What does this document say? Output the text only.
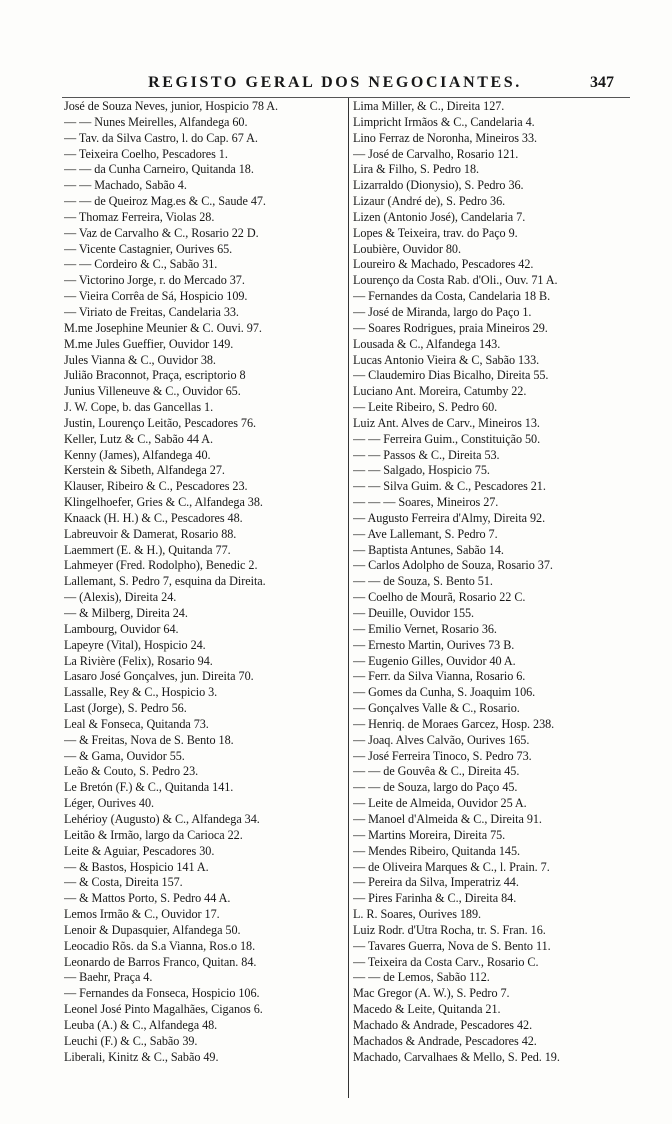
REGISTO GERAL DOS NEGOCIANTES.	347
José de Souza Neves, junior, Hospicio 78 A.
— — Nunes Meirelles, Alfandega 60.
— Tav. da Silva Castro, l. do Cap. 67 A.
— Teixeira Coelho, Pescadores 1.
— — da Cunha Carneiro, Quitanda 18.
— — Machado, Sabão 4.
— — de Queiroz Mag.es & C., Saude 47.
— Thomaz Ferreira, Violas 28.
— Vaz de Carvalho & C., Rosario 22 D.
— Vicente Castagnier, Ourives 65.
— — Cordeiro & C., Sabão 31.
— Victorino Jorge, r. do Mercado 37.
— Vieira Corrêa de Sá, Hospicio 109.
— Viriato de Freitas, Candelaria 33.
M.me Josephine Meunier & C. Ouvi. 97.
M.me Jules Gueffier, Ouvidor 149.
Jules Vianna & C., Ouvidor 38.
Julião Braconnot, Praça, escriptorio 8
Junius Villeneuve & C., Ouvidor 65.
J. W. Cope, b. das Gancellas 1.
Justin, Lourenço Leitão, Pescadores 76.
Keller, Lutz & C., Sabão 44 A.
Kenny (James), Alfandega 40.
Kerstein & Sibeth, Alfandega 27.
Klauser, Ribeiro & C., Pescadores 23.
Klingelhoefer, Gries & C., Alfandega 38.
Knaack (H. H.) & C., Pescadores 48.
Labreuvoir & Damerat, Rosario 88.
Laemmert (E. & H.), Quitanda 77.
Lahmeyer (Fred. Rodolpho), Benedic 2.
Lallemant, S. Pedro 7, esquina da Direita.
— (Alexis), Direita 24.
— & Milberg, Direita 24.
Lambourg, Ouvidor 64.
Lapeyre (Vital), Hospicio 24.
La Rivière (Felix), Rosario 94.
Lasaro José Gonçalves, jun. Direita 70.
Lassalle, Rey & C., Hospicio 3.
Last (Jorge), S. Pedro 56.
Leal & Fonseca, Quitanda 73.
— & Freitas, Nova de S. Bento 18.
— & Gama, Ouvidor 55.
Leão & Couto, S. Pedro 23.
Le Bretón (F.) & C., Quitanda 141.
Léger, Ourives 40.
Lehérioy (Augusto) & C., Alfandega 34.
Leitão & Irmão, largo da Carioca 22.
Leite & Aguiar, Pescadores 30.
— & Bastos, Hospicio 141 A.
— & Costa, Direita 157.
— & Mattos Porto, S. Pedro 44 A.
Lemos Irmão & C., Ouvidor 17.
Lenoir & Dupasquier, Alfandega 50.
Leocadio Rõs. da S.a Vianna, Ros.o 18.
Leonardo de Barros Franco, Quitan. 84.
— Baehr, Praça 4.
— Fernandes da Fonseca, Hospicio 106.
Leonel José Pinto Magalhães, Ciganos 6.
Leuba (A.) & C., Alfandega 48.
Leuchi (F.) & C., Sabão 39.
Liberali, Kinitz & C., Sabão 49.
Lima Miller, & C., Direita 127.
Limpricht Irmãos & C., Candelaria 4.
Lino Ferraz de Noronha, Mineiros 33.
— José de Carvalho, Rosario 121.
Lira & Filho, S. Pedro 18.
Lizarraldo (Dionysio), S. Pedro 36.
Lizaur (André de), S. Pedro 36.
Lizen (Antonio José), Candelaria 7.
Lopes & Teixeira, trav. do Paço 9.
Loubière, Ouvidor 80.
Loureiro & Machado, Pescadores 42.
Lourenço da Costa Rab. d'Oli., Ouv. 71 A.
— Fernandes da Costa, Candelaria 18 B.
— José de Miranda, largo do Paço 1.
— Soares Rodrigues, praia Mineiros 29.
Lousada & C., Alfandega 143.
Lucas Antonio Vieira & C, Sabão 133.
— Claudemiro Dias Bicalho, Direita 55.
Luciano Ant. Moreira, Catumby 22.
— Leite Ribeiro, S. Pedro 60.
Luiz Ant. Alves de Carv., Mineiros 13.
— — Ferreira Guim., Constituição 50.
— — Passos & C., Direita 53.
— — Salgado, Hospicio 75.
— — Silva Guim. & C., Pescadores 21.
— — — Soares, Mineiros 27.
— Augusto Ferreira d'Almy, Direita 92.
— Ave Lallemant, S. Pedro 7.
— Baptista Antunes, Sabão 14.
— Carlos Adolpho de Souza, Rosario 37.
— — de Souza, S. Bento 51.
— Coelho de Mourã, Rosario 22 C.
— Deuille, Ouvidor 155.
— Emilio Vernet, Rosario 36.
— Ernesto Martin, Ourives 73 B.
— Eugenio Gilles, Ouvidor 40 A.
— Ferr. da Silva Vianna, Rosario 6.
— Gomes da Cunha, S. Joaquim 106.
— Gonçalves Valle & C., Rosario.
— Henriq. de Moraes Garcez, Hosp. 238.
— Joaq. Alves Calvão, Ourives 165.
— José Ferreira Tinoco, S. Pedro 73.
— — de Gouvêa & C., Direita 45.
— — de Souza, largo do Paço 45.
— Leite de Almeida, Ouvidor 25 A.
— Manoel d'Almeida & C., Direita 91.
— Martins Moreira, Direita 75.
— Mendes Ribeiro, Quitanda 145.
— de Oliveira Marques & C., l. Prain. 7.
— Pereira da Silva, Imperatriz 44.
— Pires Farinha & C., Direita 84.
L. R. Soares, Ourives 189.
Luiz Rodr. d'Utra Rocha, tr. S. Fran. 16.
— Tavares Guerra, Nova de S. Bento 11.
— Teixeira da Costa Carv., Rosario C.
— — de Lemos, Sabão 112.
Mac Gregor (A. W.), S. Pedro 7.
Macedo & Leite, Quitanda 21.
Machado & Andrade, Pescadores 42.
Machados & Andrade, Pescadores 42.
Machado, Carvalhaes & Mello, S. Ped. 19.
